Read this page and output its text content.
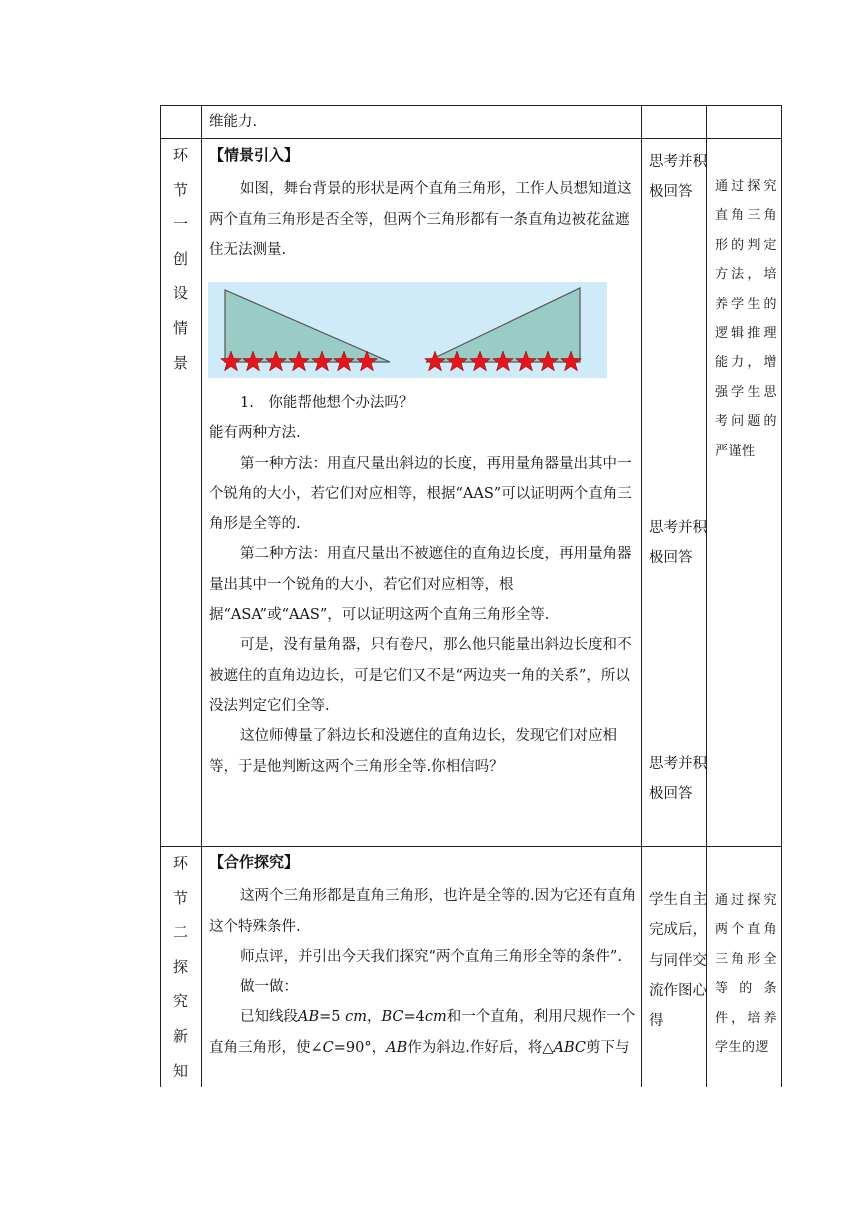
维能力.

环
节
一
创
设
情
景

【情景引入】

如图，舞台背景的形状是两个直角三角形，工作人员想知道这两个直角三角形是否全等，但两个三角形都有一条直角边被花盆遮住无法测量.

1.　你能帮他想个办法吗？

能有两种方法.

第一种方法：用直尺量出斜边的长度，再用量角器量出其中一个锐角的大小，若它们对应相等，根据“AAS”可以证明两个直角三角形是全等的.

第二种方法：用直尺量出不被遮住的直角边长度，再用量角器量出其中一个锐角的大小，若它们对应相等，根据“ASA”或“AAS”，可以证明这两个直角三角形全等.

可是，没有量角器，只有卷尺，那么他只能量出斜边长度和不被遮住的直角边边长，可是它们又不是“两边夹一角的关系”，所以没法判定它们全等.

这位师傅量了斜边长和没遮住的直角边长，发现它们对应相等，于是他判断这两个三角形全等.你相信吗？

思考并积极回答
思考并积极回答
思考并积极回答
通过探究直角三角形的判定方法，培养学生的逻辑推理能力，增强学生思考问题的严谨性
环
节
二
探
究
新
知

【合作探究】

这两个三角形都是直角三角形，也许是全等的.因为它还有直角这个特殊条件.

师点评，并引出今天我们探究“两个直角三角形全等的条件”.

做一做：

已知线段AB=5 cm，BC=4cm和一个直角，利用尺规作一个直角三角形，使∠C=90°，AB作为斜边.作好后，将△ABC剪下与

学生自主完成后，与同伴交流作图心得
通过探究两个直角三角形全等的条件，培养学生的逻
